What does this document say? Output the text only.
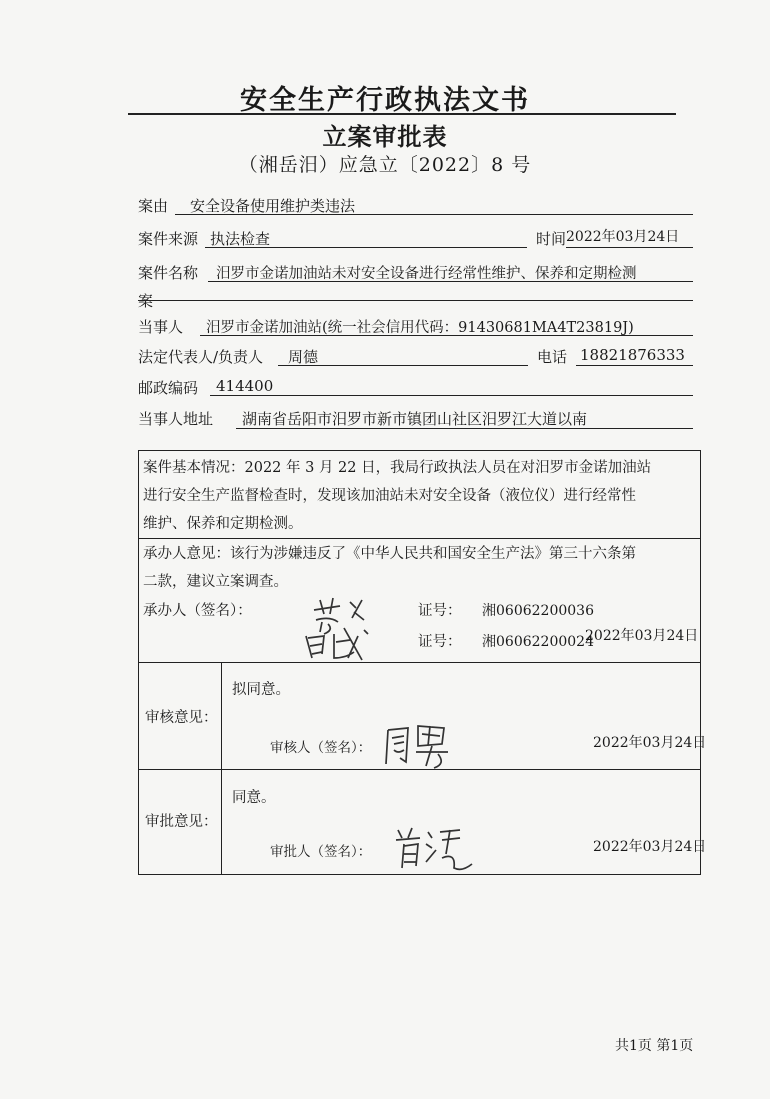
安全生产行政执法文书
立案审批表
（湘岳汨）应急立〔2022〕8 号
案由 安全设备使用维护类违法
案件来源 执法检查	时间 2022年03月24日
案件名称 汨罗市金诺加油站未对安全设备进行经常性维护、保养和定期检测
案
当事人 汨罗市金诺加油站(统一社会信用代码：91430681MA4T23819J)
法定代表人/负责人 周德	电话 18821876333
邮政编码 414400
当事人地址 湖南省岳阳市汨罗市新市镇团山社区汨罗江大道以南
案件基本情况：2022 年 3 月 22 日，我局行政执法人员在对汨罗市金诺加油站
进行安全生产监督检查时，发现该加油站未对安全设备（液位仪）进行经常性
维护、保养和定期检测。
承办人意见：该行为涉嫌违反了《中华人民共和国安全生产法》第三十六条第
二款，建议立案调查。
承办人（签名）：	证号： 湘06062200036
证号： 湘06062200024
2022年03月24日
审核意见：
拟同意。
审核人（签名）：	2022年03月24日
审批意见：
同意。
审批人（签名）：	2022年03月24日
共1页 第1页
